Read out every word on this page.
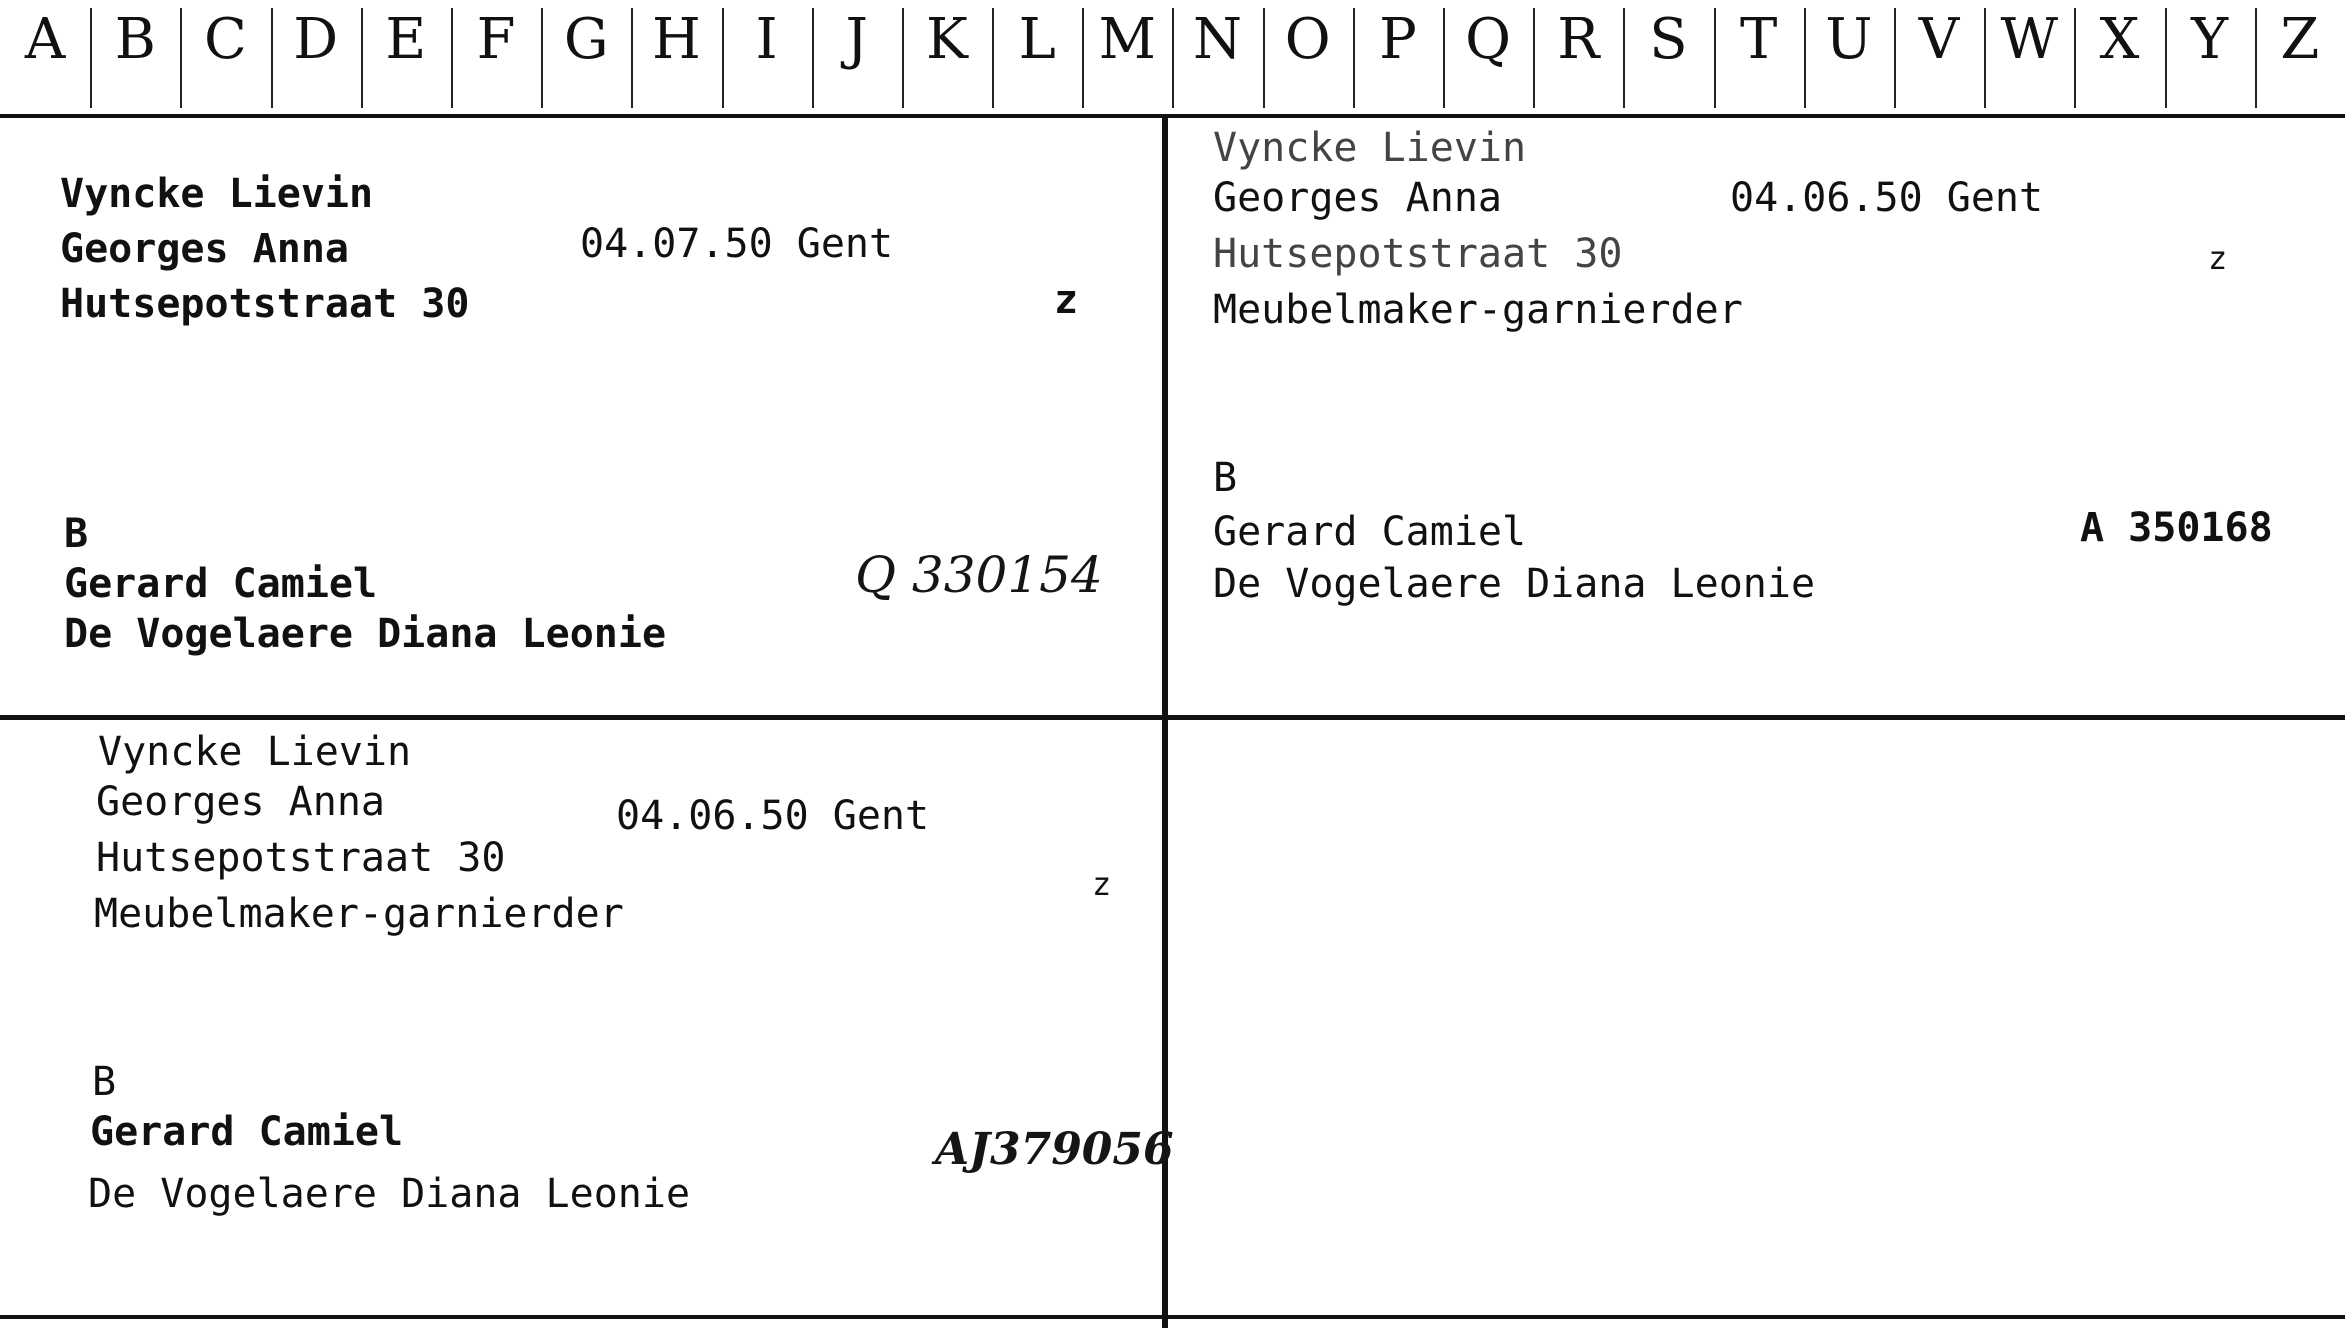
A B C D E F G H I	J	K L M N O P Q R S T U V W X Y Z
Vyncke Lievin
Georges Anna	04.07.50 Gent
Hutsepotstraat 30	z
B
Gerard Camiel	Q 330154
De Vogelaere Diana Leonie
Vyncke Lievin
Georges Anna	04.06.50 Gent
Hutsepotstraat 30	z
Meubelmaker-garnierder
B
Gerard Camiel	A 350168
De Vogelaere Diana Leonie
Vyncke Lievin
Georges Anna	04.06.50 Gent
Hutsepotstraat 30
z
Meubelmaker-garnierder
B
Gerard Camiel	AJ379056
De Vogelaere Diana Leonie
